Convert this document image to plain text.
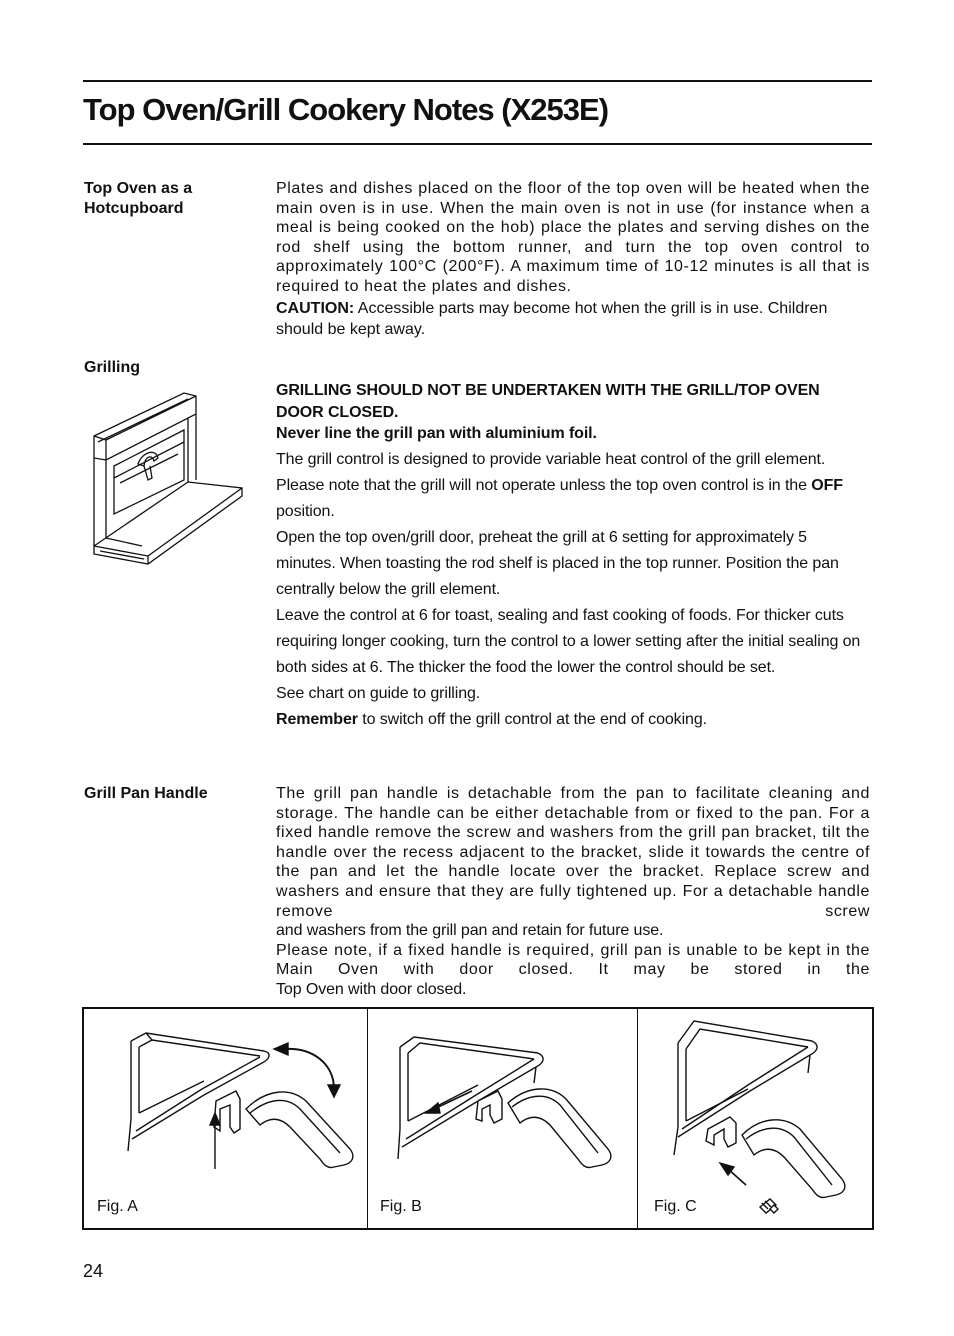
Top Oven/Grill Cookery Notes (X253E)
Top Oven as a
Hotcupboard

Plates and dishes placed on the floor of the top oven will be heated when the main oven is in use. When the main oven is not in use (for instance when a meal is being cooked on the hob) place the plates and serving dishes on the rod shelf using the bottom runner, and turn the top oven control to approximately 100°C (200°F). A maximum time of 10-12 minutes is all that is required to heat the plates and dishes.

CAUTION: Accessible parts may become hot when the grill is in use. Children should be kept away.

Grilling

GRILLING SHOULD NOT BE UNDERTAKEN WITH THE GRILL/TOP OVEN DOOR CLOSED.

Never line the grill pan with aluminium foil.

The grill control is designed to provide variable heat control of the grill element. Please note that the grill will not operate unless the top oven control is in the OFF position.

Open the top oven/grill door, preheat the grill at 6 setting for approximately 5 minutes. When toasting the rod shelf is placed in the top runner. Position the pan centrally below the grill element.

Leave the control at 6 for toast, sealing and fast cooking of foods. For thicker cuts requiring longer cooking, turn the control to a lower setting after the initial sealing on both sides at 6. The thicker the food the lower the control should be set.

See chart on guide to grilling.

Remember to switch off the grill control at the end of cooking.

Grill Pan Handle	The grill pan handle is detachable from the pan to facilitate cleaning and storage. The handle can be either detachable from or fixed to the pan. For a fixed handle remove the screw and washers from the grill pan bracket, tilt the handle over the recess adjacent to the bracket, slide it towards the centre of the pan and let the handle locate over the bracket. Replace screw and washers and ensure that they are fully tightened up. For a detachable handle remove screw

and washers from the grill pan and retain for future use.

Please note, if a fixed handle is required, grill pan is unable to be kept in the Main Oven with door closed. It may be stored in the

Top Oven with door closed.

Fig. A	Fig. B	Fig. C
24
